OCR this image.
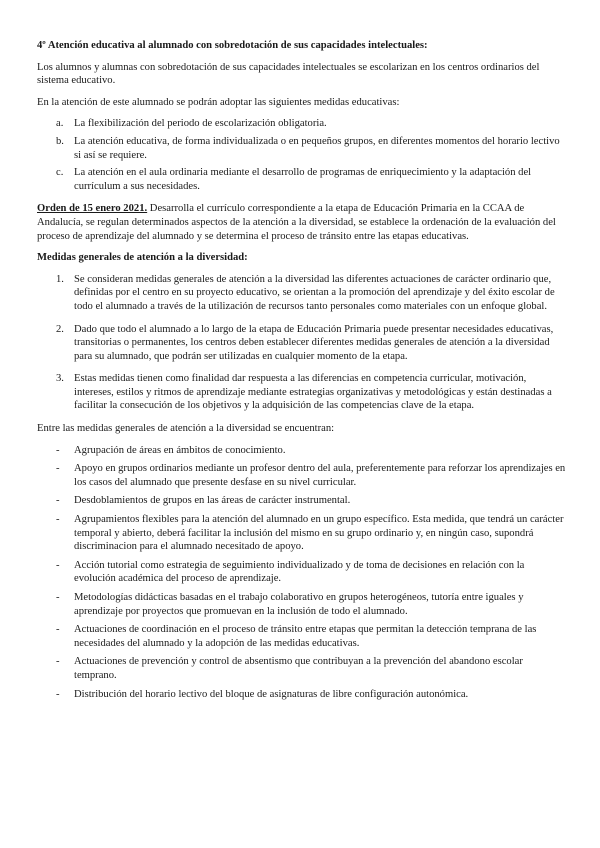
4º Atención educativa al alumnado con sobredotación de sus capacidades intelectuales:

Los alumnos y alumnas con sobredotación de sus capacidades intelectuales se escolarizan en los centros ordinarios del sistema educativo.

En la atención de este alumnado se podrán adoptar las siguientes medidas educativas:

a. La flexibilización del periodo de escolarización obligatoria.
b. La atención educativa, de forma individualizada o en pequeños grupos, en diferentes momentos del horario lectivo si así se requiere.
c. La atención en el aula ordinaria mediante el desarrollo de programas de enriquecimiento y la adaptación del currículum a sus necesidades.

Orden de 15 enero 2021. Desarrolla el currículo correspondiente a la etapa de Educación Primaria en la CCAA de Andalucía, se regulan determinados aspectos de la atención a la diversidad, se establece la ordenación de la evaluación del proceso de aprendizaje del alumnado y se determina el proceso de tránsito entre las etapas educativas.

Medidas generales de atención a la diversidad:
1. Se consideran medidas generales de atención a la diversidad las diferentes actuaciones de carácter ordinario que, definidas por el centro en su proyecto educativo, se orientan a la promoción del aprendizaje y del éxito escolar de todo el alumnado a través de la utilización de recursos tanto personales como materiales con un enfoque global.
2. Dado que todo el alumnado a lo largo de la etapa de Educación Primaria puede presentar necesidades educativas, transitorias o permanentes, los centros deben establecer diferentes medidas generales de atención a la diversidad para su alumnado, que podrán ser utilizadas en cualquier momento de la etapa.
3. Estas medidas tienen como finalidad dar respuesta a las diferencias en competencia curricular, motivación, intereses, estilos y ritmos de aprendizaje mediante estrategias organizativas y metodológicas y están destinadas a facilitar la consecución de los objetivos y la adquisición de las competencias clave de la etapa.

Entre las medidas generales de atención a la diversidad se encuentran:

- Agrupación de áreas en ámbitos de conocimiento.
- Apoyo en grupos ordinarios mediante un profesor dentro del aula, preferentemente para reforzar los aprendizajes en los casos del alumnado que presente desfase en su nivel curricular.
- Desdoblamientos de grupos en las áreas de carácter instrumental.
- Agrupamientos flexibles para la atención del alumnado en un grupo específico. Esta medida, que tendrá un carácter temporal y abierto, deberá facilitar la inclusión del mismo en su grupo ordinario y, en ningún caso, supondrá discriminacion para el alumnado necesitado de apoyo.
- Acción tutorial como estrategia de seguimiento individualizado y de toma de decisiones en relación con la evolución académica del proceso de aprendizaje.
- Metodologías didácticas basadas en el trabajo colaborativo en grupos heterogéneos, tutoría entre iguales y aprendizaje por proyectos que promuevan en la inclusión de todo el alumnado.
- Actuaciones de coordinación en el proceso de tránsito entre etapas que permitan la detección temprana de las necesidades del alumnado y la adopción de las medidas educativas.
- Actuaciones de prevención y control de absentismo que contribuyan a la prevención del abandono escolar temprano.
- Distribución del horario lectivo del bloque de asignaturas de libre configuración autonómica.
